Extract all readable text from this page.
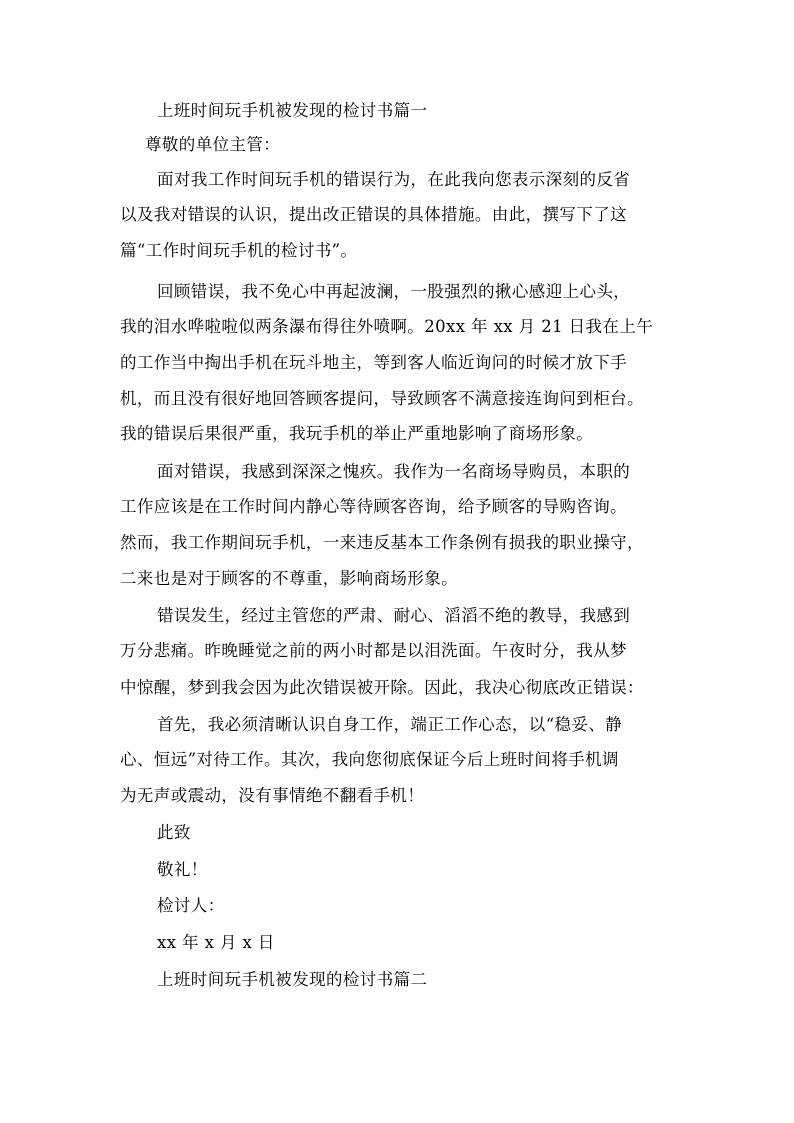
上班时间玩手机被发现的检讨书篇一
尊敬的单位主管：
面对我工作时间玩手机的错误行为，在此我向您表示深刻的反省
以及我对错误的认识，提出改正错误的具体措施。由此，撰写下了这
篇“工作时间玩手机的检讨书”。
回顾错误，我不免心中再起波澜，一股强烈的揪心感迎上心头，
我的泪水哗啦啦似两条瀑布得往外喷啊。20xx 年 xx 月 21 日我在上午
的工作当中掏出手机在玩斗地主，等到客人临近询问的时候才放下手
机，而且没有很好地回答顾客提问，导致顾客不满意接连询问到柜台。
我的错误后果很严重，我玩手机的举止严重地影响了商场形象。
面对错误，我感到深深之愧疚。我作为一名商场导购员，本职的
工作应该是在工作时间内静心等待顾客咨询，给予顾客的导购咨询。
然而，我工作期间玩手机，一来违反基本工作条例有损我的职业操守，
二来也是对于顾客的不尊重，影响商场形象。
错误发生，经过主管您的严肃、耐心、滔滔不绝的教导，我感到
万分悲痛。昨晚睡觉之前的两小时都是以泪洗面。午夜时分，我从梦
中惊醒，梦到我会因为此次错误被开除。因此，我决心彻底改正错误：
首先，我必须清晰认识自身工作，端正工作心态，以“稳妥、静
心、恒远”对待工作。其次，我向您彻底保证今后上班时间将手机调
为无声或震动，没有事情绝不翻看手机！
此致
敬礼！
检讨人：
xx 年 x 月 x 日
上班时间玩手机被发现的检讨书篇二
